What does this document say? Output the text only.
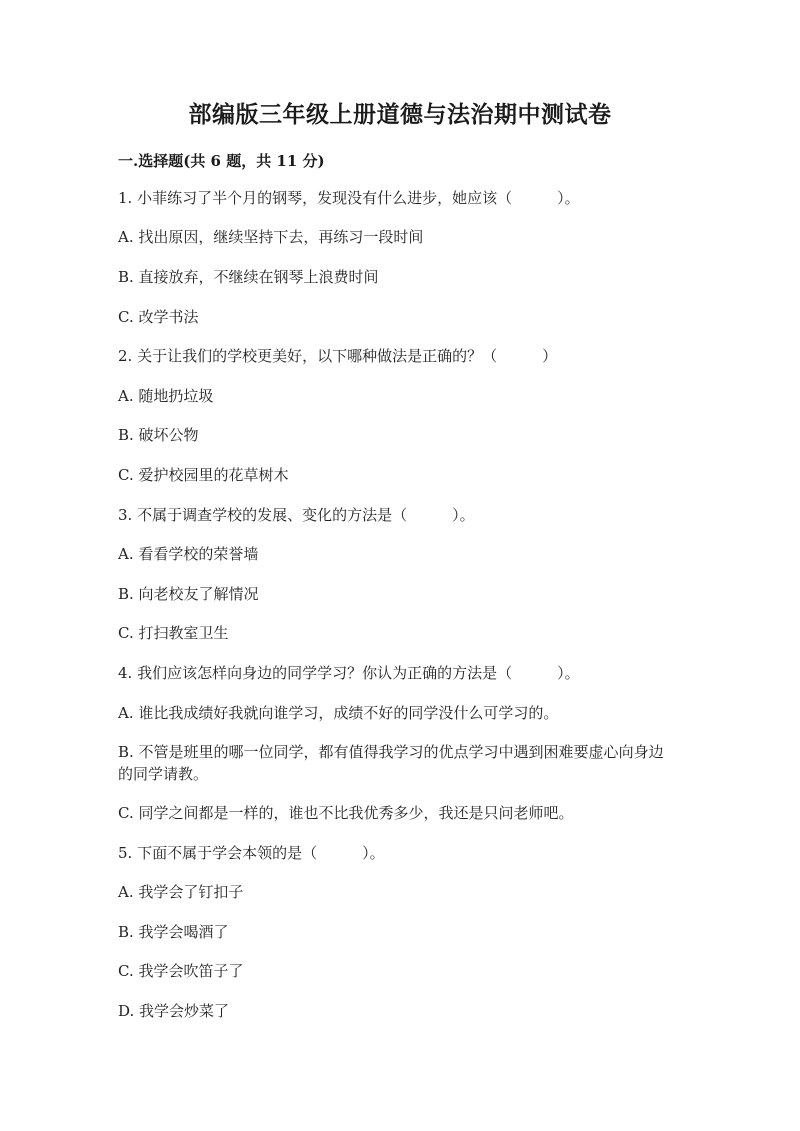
部编版三年级上册道德与法治期中测试卷
一.选择题(共 6 题，共 11 分)
1. 小菲练习了半个月的钢琴，发现没有什么进步，她应该（　　　）。
A. 找出原因，继续坚持下去，再练习一段时间
B. 直接放弃，不继续在钢琴上浪费时间
C. 改学书法
2. 关于让我们的学校更美好，以下哪种做法是正确的？（　　　）
A. 随地扔垃圾
B. 破坏公物
C. 爱护校园里的花草树木
3. 不属于调查学校的发展、变化的方法是（　　　）。
A. 看看学校的荣誉墙
B. 向老校友了解情况
C. 打扫教室卫生
4. 我们应该怎样向身边的同学学习？你认为正确的方法是（　　　）。
A. 谁比我成绩好我就向谁学习，成绩不好的同学没什么可学习的。
B. 不管是班里的哪一位同学，都有值得我学习的优点学习中遇到困难要虚心向身边的同学请教。
C. 同学之间都是一样的，谁也不比我优秀多少，我还是只问老师吧。
5. 下面不属于学会本领的是（　　　）。
A. 我学会了钉扣子
B. 我学会喝酒了
C. 我学会吹笛子了
D. 我学会炒菜了
